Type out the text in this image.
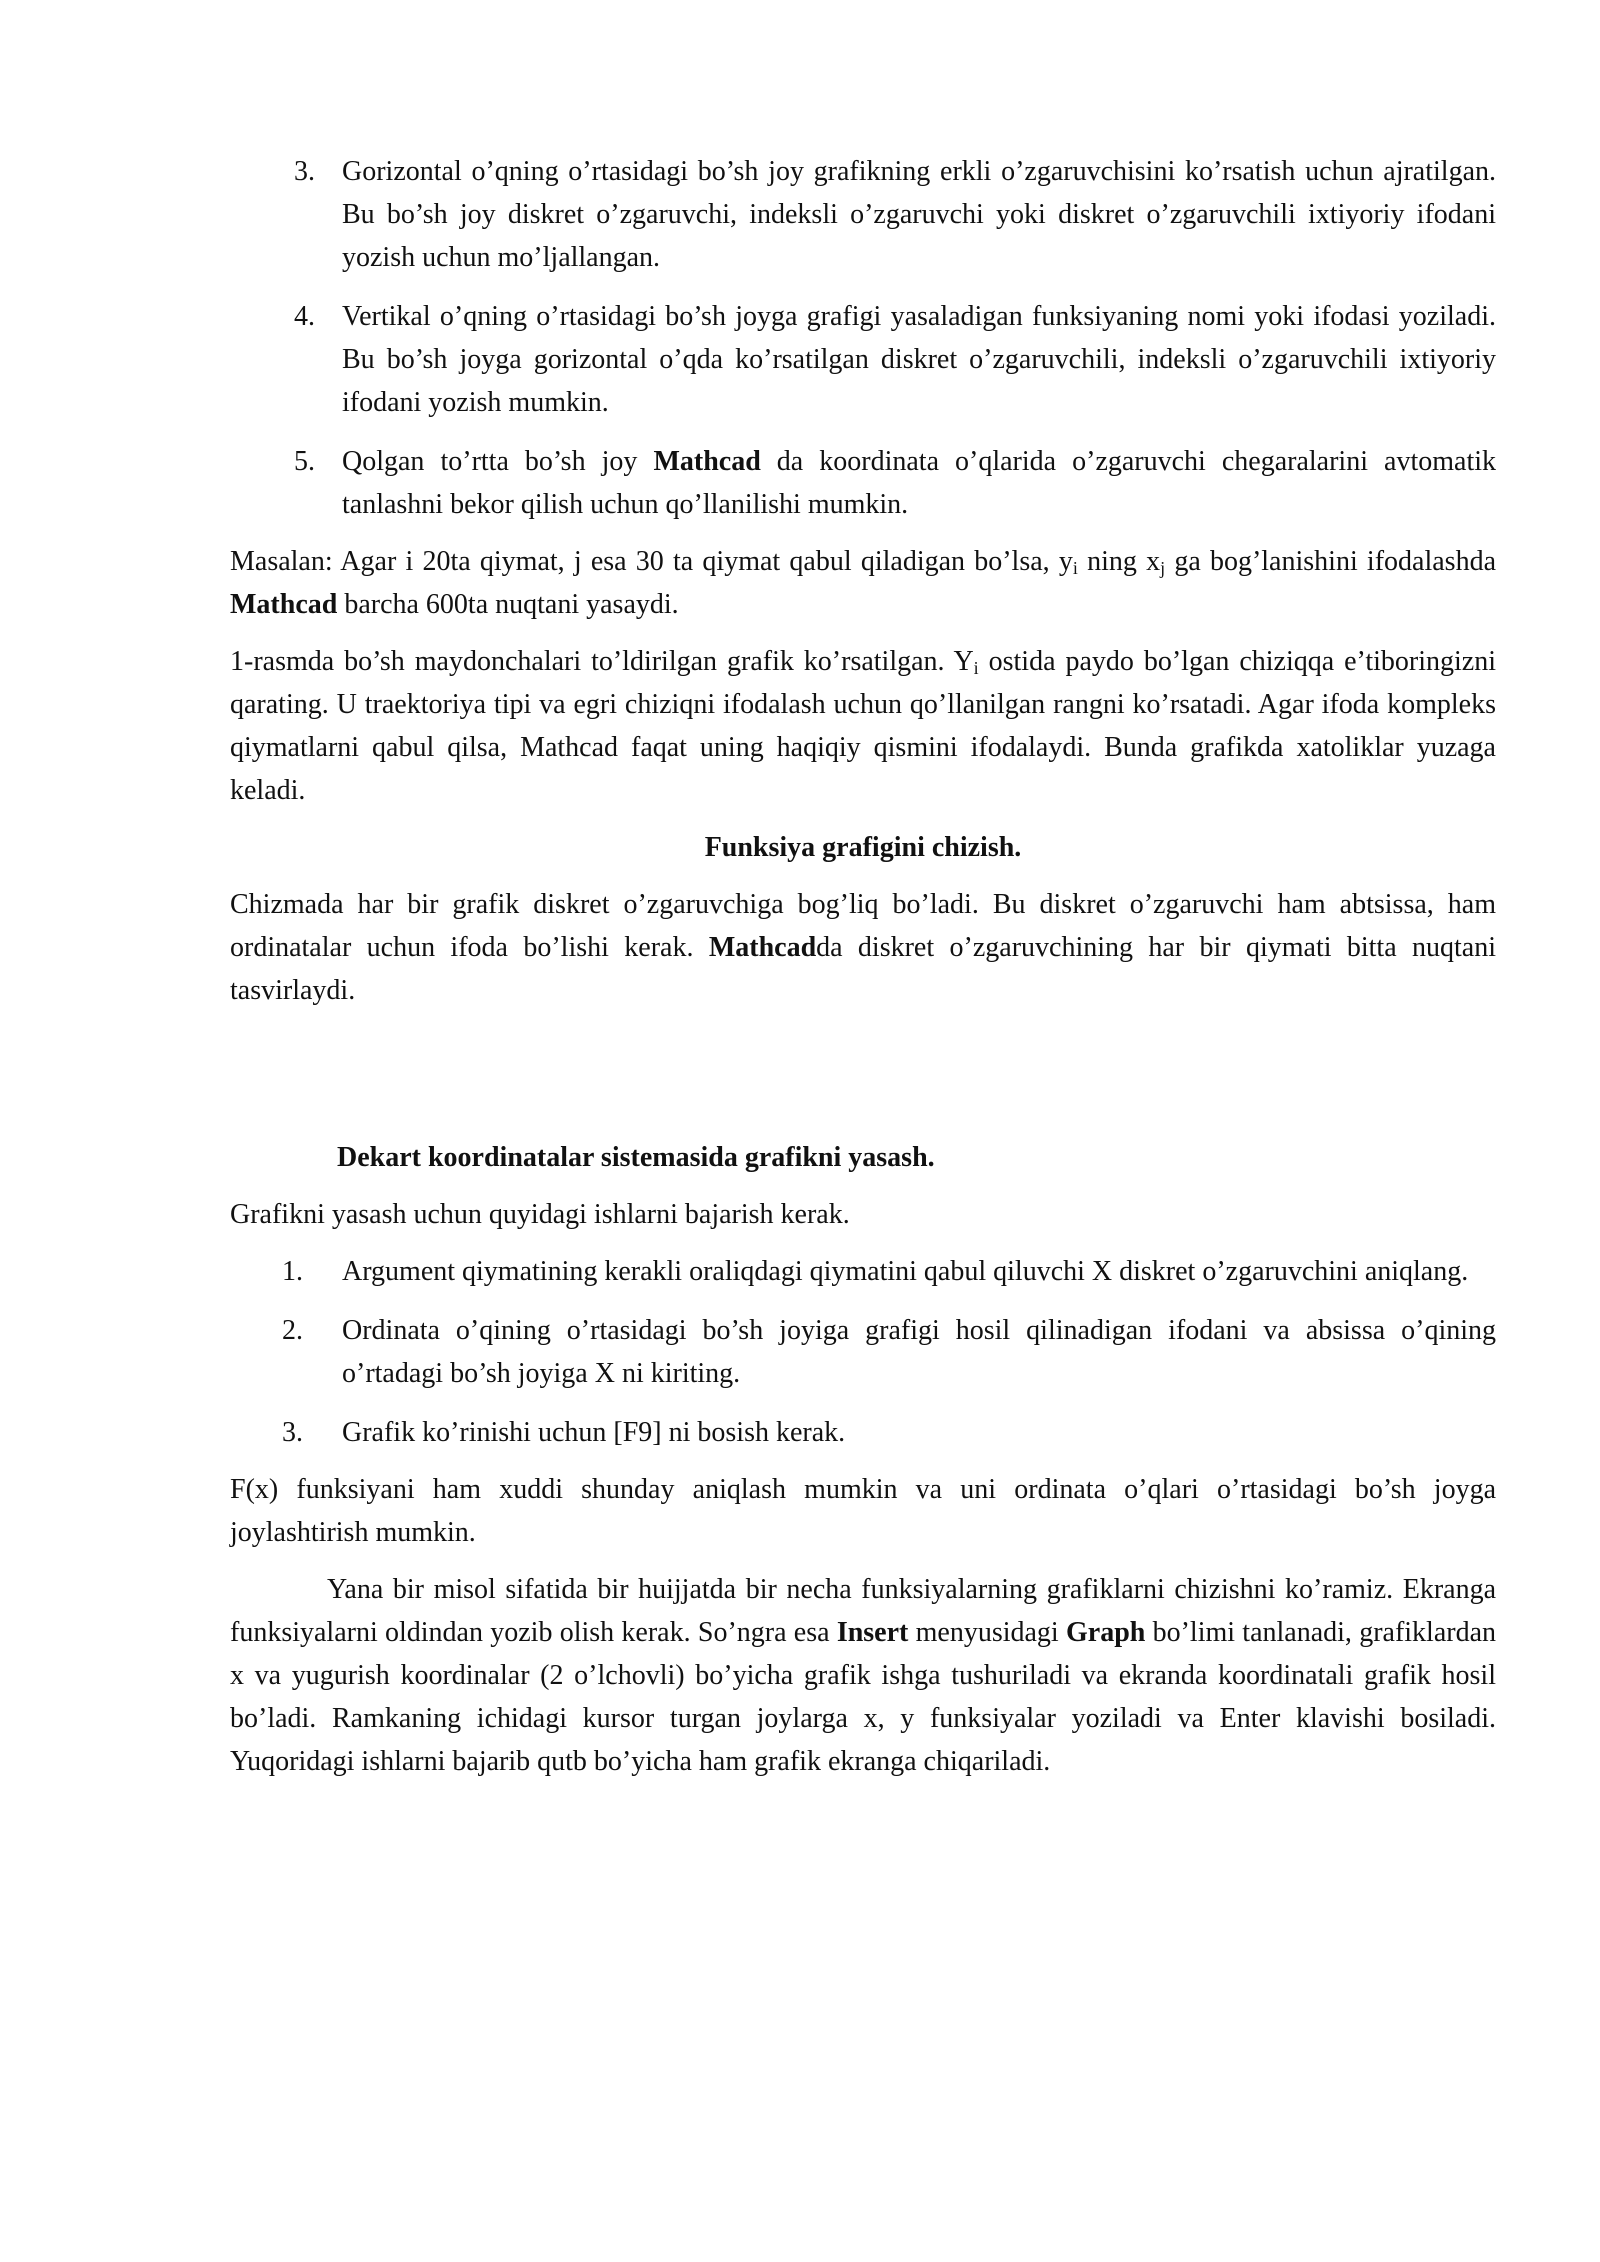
3. Gorizontal o’qning o’rtasidagi bo’sh joy grafikning erkli o’zgaruvchisini ko’rsatish uchun ajratilgan. Bu bo’sh joy diskret o’zgaruvchi, indeksli o’zgaruvchi yoki diskret o’zgaruvchili ixtiyoriy ifodani yozish uchun mo’ljallangan.
4. Vertikal o’qning o’rtasidagi bo’sh joyga grafigi yasaladigan funksiyaning nomi yoki ifodasi yoziladi. Bu bo’sh joyga gorizontal o’qda ko’rsatilgan diskret o’zgaruvchili, indeksli o’zgaruvchili ixtiyoriy ifodani yozish mumkin.
5. Qolgan to’rtta bo’sh joy Mathcad da koordinata o’qlarida o’zgaruvchi chegaralarini avtomatik tanlashni bekor qilish uchun qo’llanilishi mumkin.

Masalan: Agar i 20ta qiymat, j esa 30 ta qiymat qabul qiladigan bo’lsa, $y_i$ ning $x_j$ ga bog’lanishini ifodalashda Mathcad barcha 600ta nuqtani yasaydi.

1-rasmda bo’sh maydonchalari to’ldirilgan grafik ko’rsatilgan. $Y_i$ ostida paydo bo’lgan chiziqqa e’tiboringizni qarating. U traektoriya tipi va egri chiziqni ifodalash uchun qo’llanilgan rangni ko’rsatadi. Agar ifoda kompleks qiymatlarni qabul qilsa, Mathcad faqat uning haqiqiy qismini ifodalaydi. Bunda grafikda xatoliklar yuzaga keladi.

Funksiya grafigini chizish.

Chizmada har bir grafik diskret o’zgaruvchiga bog’liq bo’ladi. Bu diskret o’zgaruvchi ham abtsissa, ham ordinatalar uchun ifoda bo’lishi kerak. Mathcadda diskret o’zgaruvchining har bir qiymati bitta nuqtani tasvirlaydi.

Dekart koordinatalar sistemasida grafikni yasash.

Grafikni yasash uchun quyidagi ishlarni bajarish kerak.

1. Argument qiymatining kerakli oraliqdagi qiymatini qabul qiluvchi X diskret o’zgaruvchini aniqlang.
2. Ordinata o’qining o’rtasidagi bo’sh joyiga grafigi hosil qilinadigan ifodani va absissa o’qining o’rtadagi bo’sh joyiga X ni kiriting.
3. Grafik ko’rinishi uchun [F9] ni bosish kerak.

F(x) funksiyani ham xuddi shunday aniqlash mumkin va uni ordinata o’qlari o’rtasidagi bo’sh joyga joylashtirish mumkin.

Yana bir misol sifatida bir huijjatda bir necha funksiyalarning grafiklarni chizishni ko’ramiz. Ekranga funksiyalarni oldindan yozib olish kerak. So’ngra esa Insert menyusidagi Graph bo’limi tanlanadi, grafiklardan x va yugurish koordinalar (2 o’lchovli) bo’yicha grafik ishga tushuriladi va ekranda koordinatali grafik hosil bo’ladi. Ramkaning ichidagi kursor turgan joylarga x, y funksiyalar yoziladi va Enter klavishi bosiladi. Yuqoridagi ishlarni bajarib qutb bo’yicha ham grafik ekranga chiqariladi.
